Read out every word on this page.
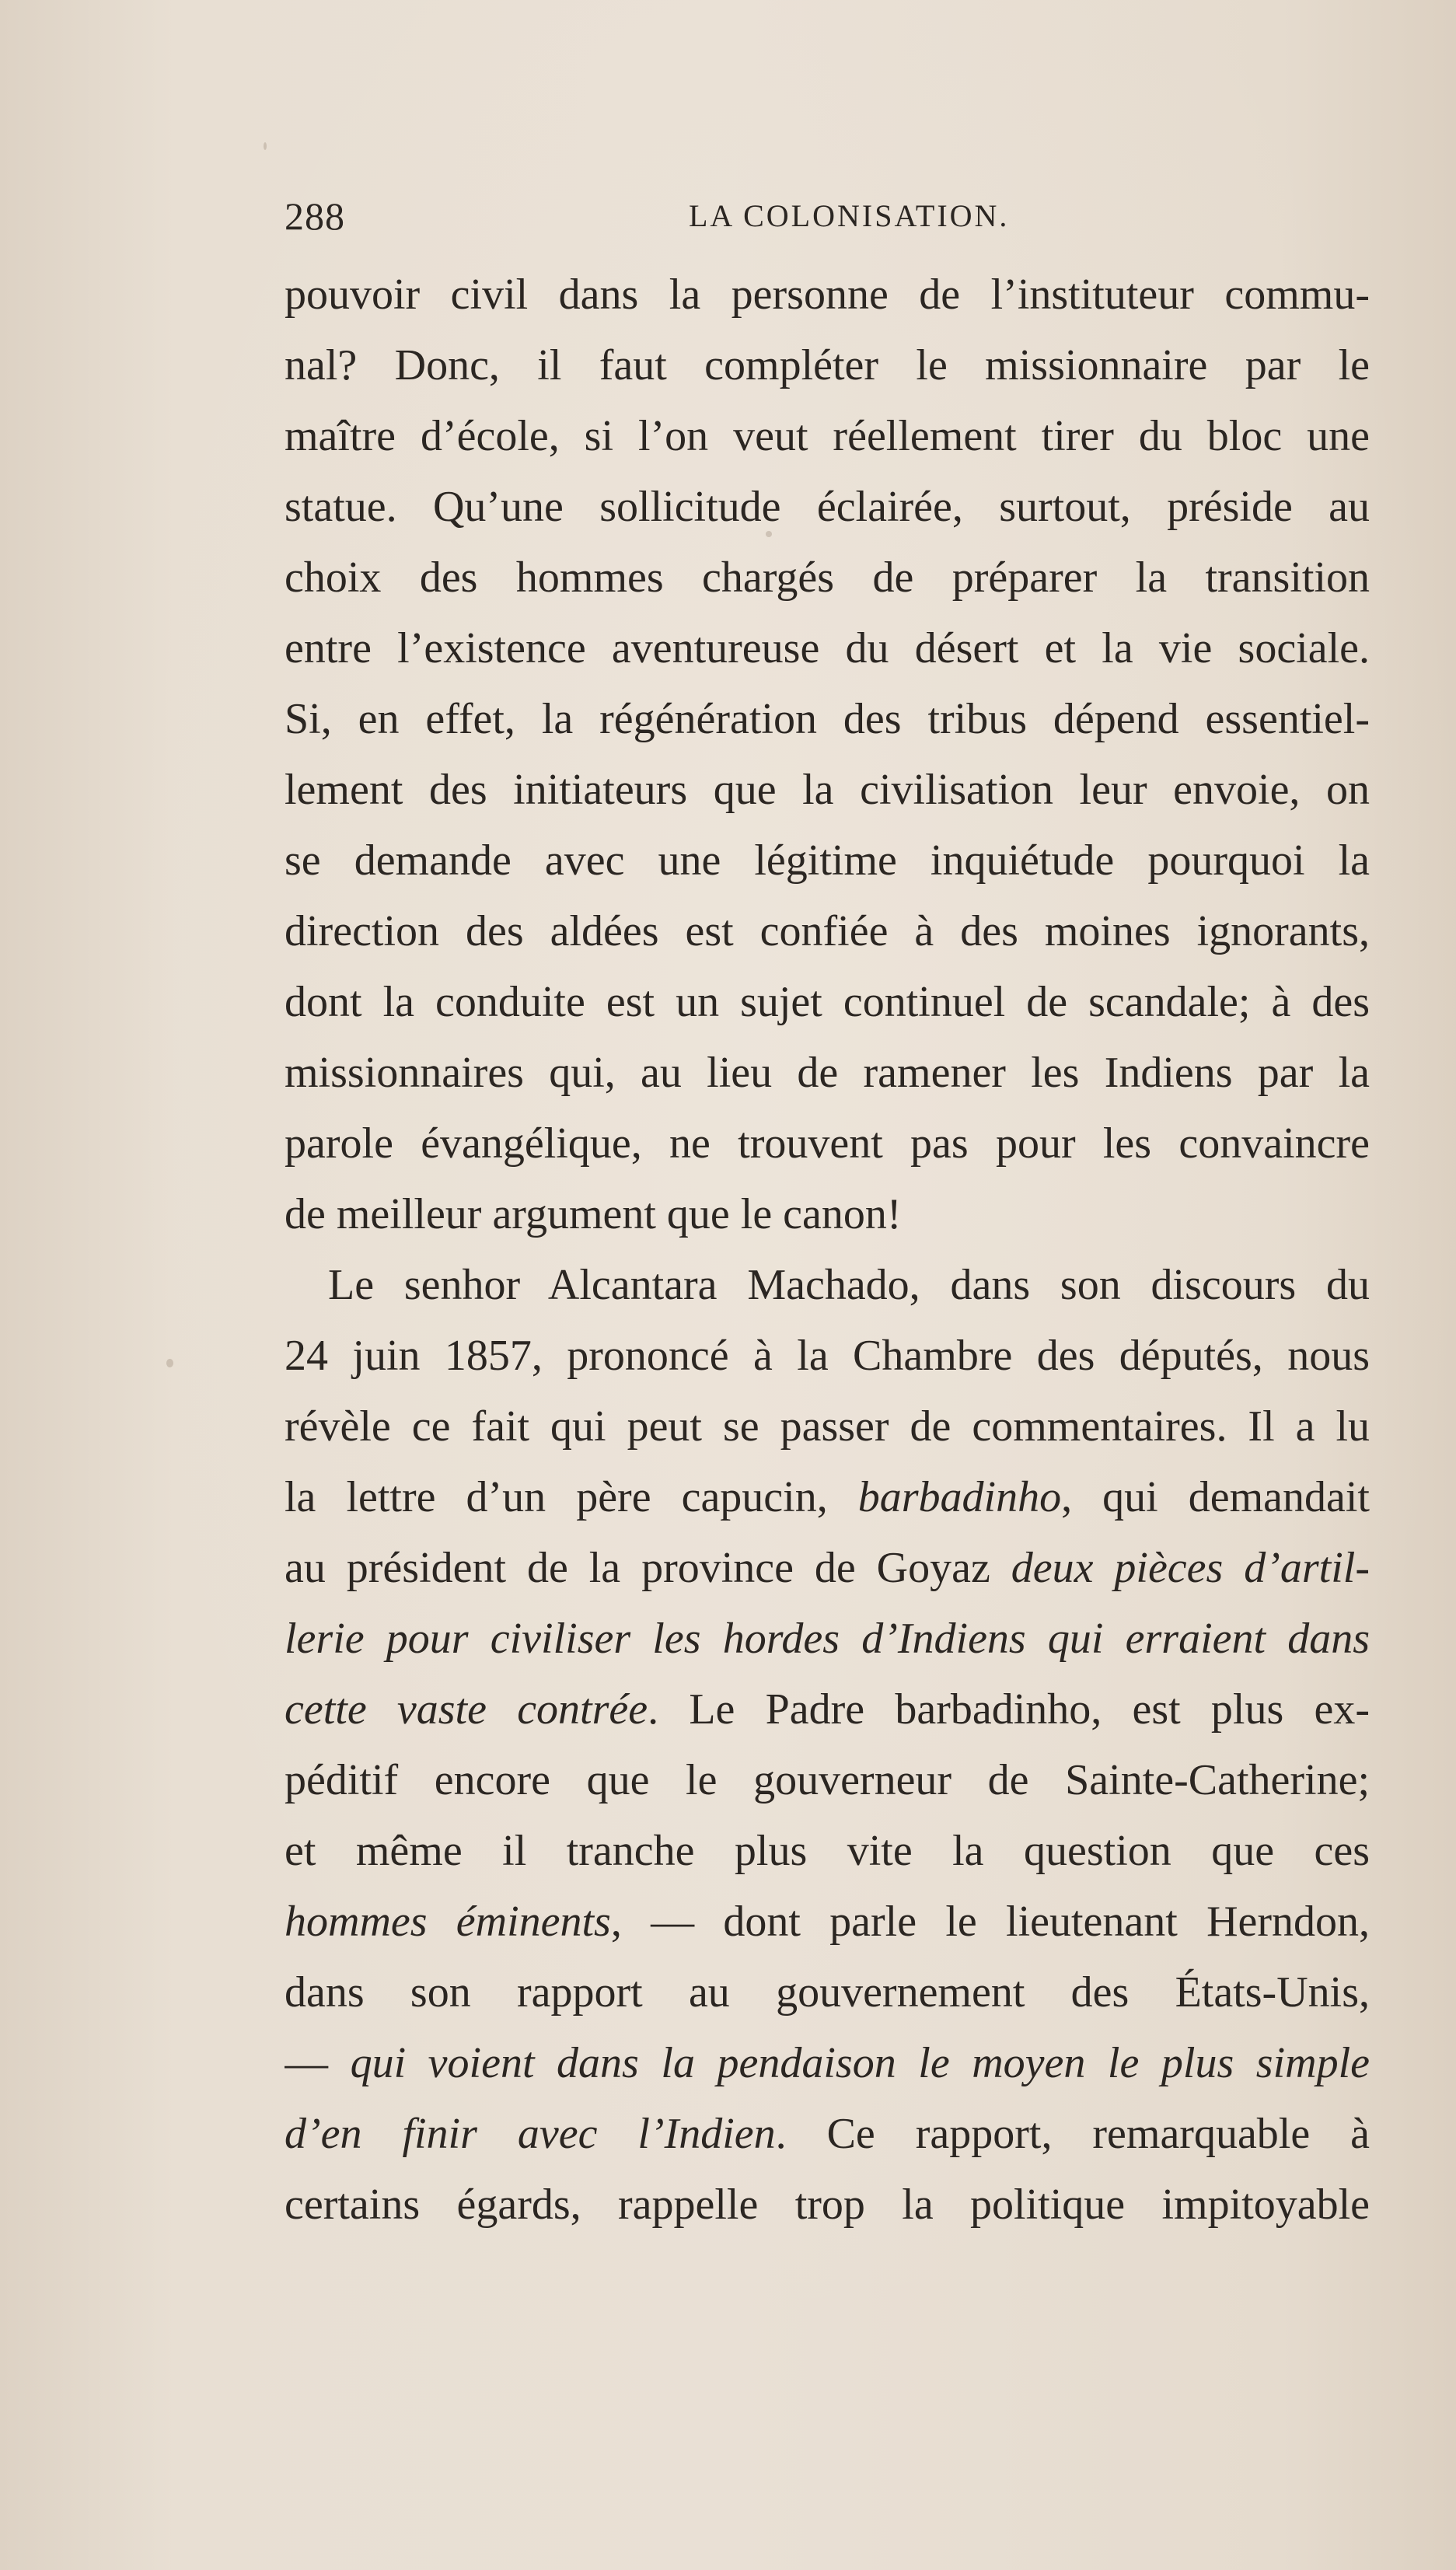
288	LA COLONISATION.
pouvoir civil dans la personne de l’instituteur commu-
nal? Donc, il faut compléter le missionnaire par le
maître d’école, si l’on veut réellement tirer du bloc une
statue. Qu’une sollicitude éclairée, surtout, préside au
choix des hommes chargés de préparer la transition
entre l’existence aventureuse du désert et la vie sociale.
Si, en effet, la régénération des tribus dépend essentiel-
lement des initiateurs que la civilisation leur envoie, on
se demande avec une légitime inquiétude pourquoi la
direction des aldées est confiée à des moines ignorants,
dont la conduite est un sujet continuel de scandale; à des
missionnaires qui, au lieu de ramener les Indiens par la
parole évangélique, ne trouvent pas pour les convaincre
de meilleur argument que le canon!
Le senhor Alcantara Machado, dans son discours du
24 juin 1857, prononcé à la Chambre des députés, nous
révèle ce fait qui peut se passer de commentaires. Il a lu
la lettre d’un père capucin, barbadinho, qui demandait
au président de la province de Goyaz deux pièces d’artil-
lerie pour civiliser les hordes d’Indiens qui erraient dans
cette vaste contrée. Le Padre barbadinho, est plus ex-
péditif encore que le gouverneur de Sainte-Catherine;
et même il tranche plus vite la question que ces
hommes éminents, — dont parle le lieutenant Herndon,
dans son rapport au gouvernement des États-Unis,
— qui voient dans la pendaison le moyen le plus simple
d’en finir avec l’Indien. Ce rapport, remarquable à
certains égards, rappelle trop la politique impitoyable
